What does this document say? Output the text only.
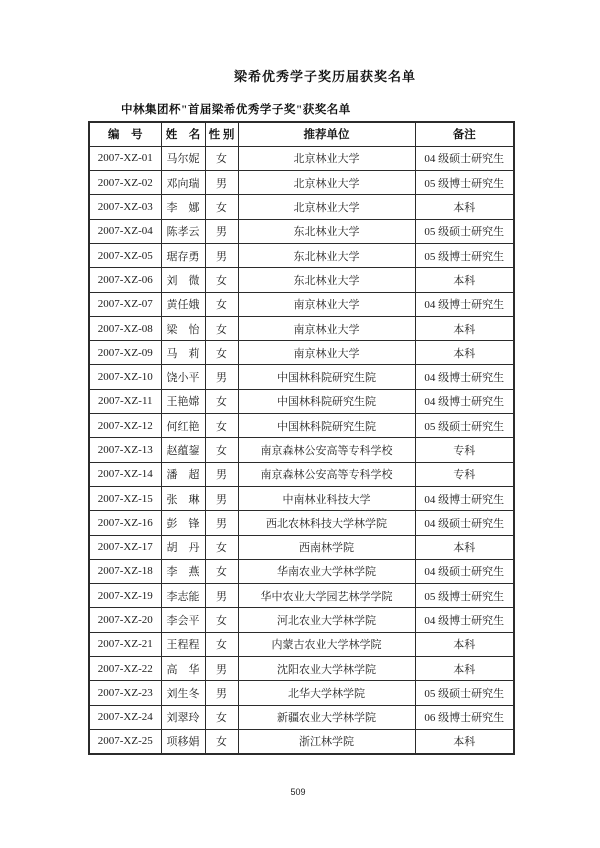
梁希优秀学子奖历届获奖名单
中林集团杯"首届梁希优秀学子奖"获奖名单
编　号	姓　名	性 别	推荐单位	备注
2007-XZ-01	马尔妮	女	北京林业大学	04 级硕士研究生
2007-XZ-02	邓向瑞	男	北京林业大学	05 级博士研究生
2007-XZ-03	李　娜	女	北京林业大学	本科
2007-XZ-04	陈孝云	男	东北林业大学	05 级硕士研究生
2007-XZ-05	琚存勇	男	东北林业大学	05 级博士研究生
2007-XZ-06	刘　微	女	东北林业大学	本科
2007-XZ-07	黄任娥	女	南京林业大学	04 级博士研究生
2007-XZ-08	梁　怡	女	南京林业大学	本科
2007-XZ-09	马　莉	女	南京林业大学	本科
2007-XZ-10	饶小平	男	中国林科院研究生院	04 级博士研究生
2007-XZ-11	王艳嫦	女	中国林科院研究生院	04 级博士研究生
2007-XZ-12	何红艳	女	中国林科院研究生院	05 级硕士研究生
2007-XZ-13	赵蕴鋆	女	南京森林公安高等专科学校	专科
2007-XZ-14	潘　超	男	南京森林公安高等专科学校	专科
2007-XZ-15	张　琳	男	中南林业科技大学	04 级博士研究生
2007-XZ-16	彭　锋	男	西北农林科技大学林学院	04 级硕士研究生
2007-XZ-17	胡　丹	女	西南林学院	本科
2007-XZ-18	李　燕	女	华南农业大学林学院	04 级硕士研究生
2007-XZ-19	李志能	男	华中农业大学园艺林学学院	05 级博士研究生
2007-XZ-20	李会平	女	河北农业大学林学院	04 级博士研究生
2007-XZ-21	王程程	女	内蒙古农业大学林学院	本科
2007-XZ-22	高　华	男	沈阳农业大学林学院	本科
2007-XZ-23	刘生冬	男	北华大学林学院	05 级硕士研究生
2007-XZ-24	刘翠玲	女	新疆农业大学林学院	06 级博士研究生
2007-XZ-25	项移娟	女	浙江林学院	本科
509
